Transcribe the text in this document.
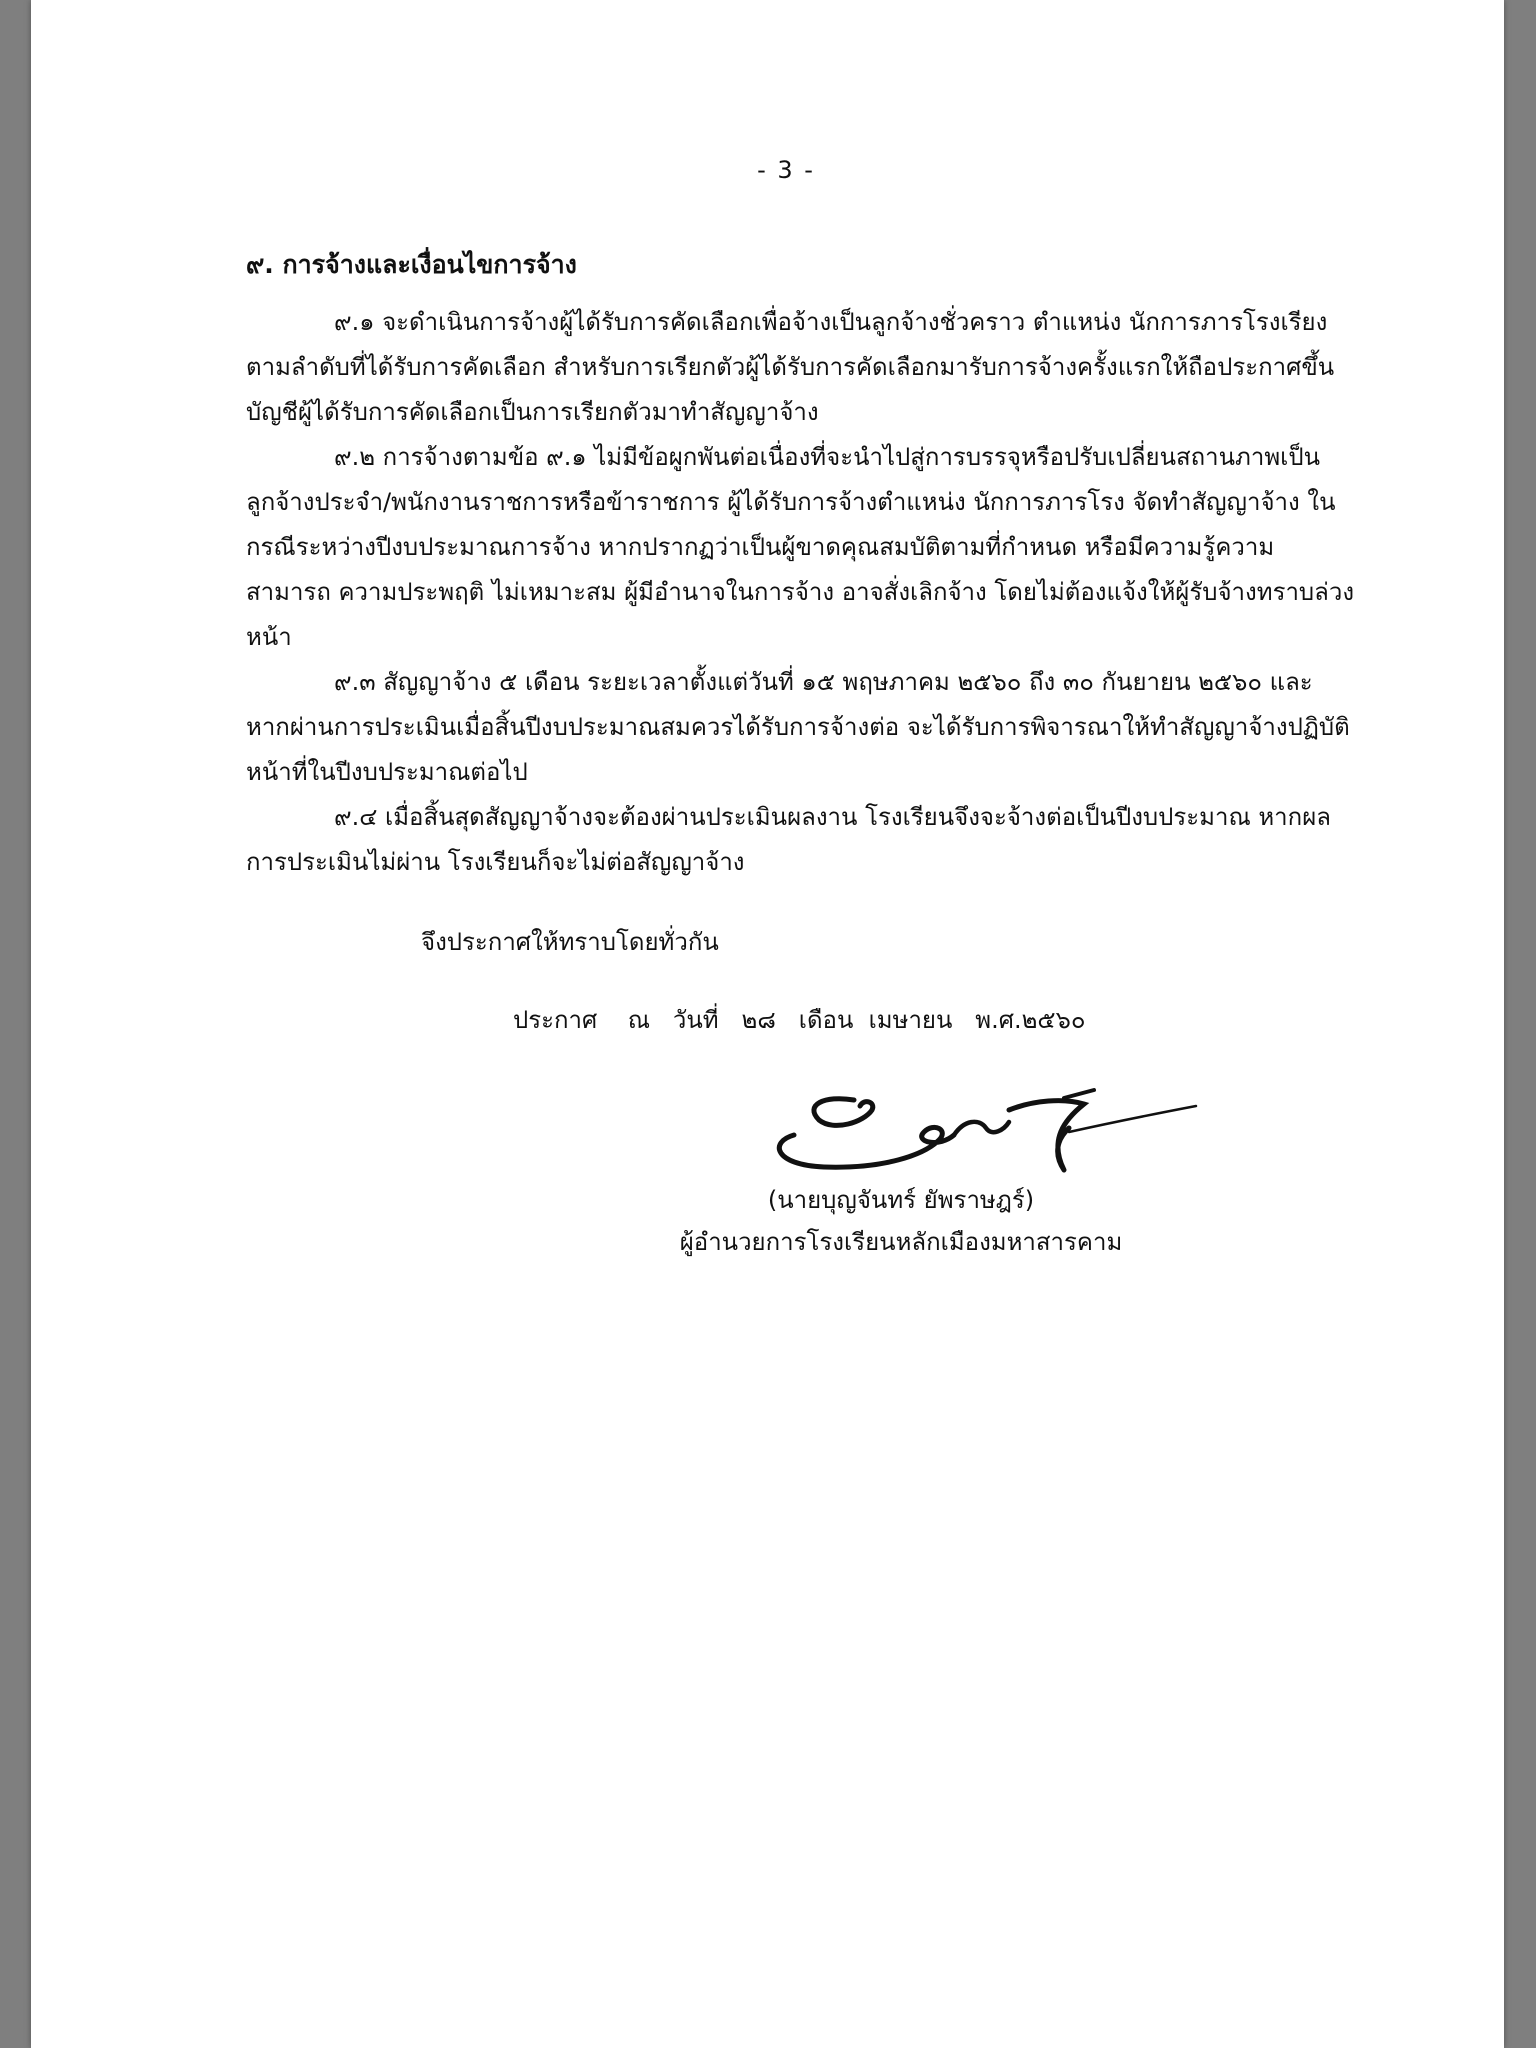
- 3 -
๙. การจ้างและเงื่อนไขการจ้าง

๙.๑ จะดำเนินการจ้างผู้ได้รับการคัดเลือกเพื่อจ้างเป็นลูกจ้างชั่วคราว ตำแหน่ง นักการภารโรงเรียงตามลำดับที่ได้รับการคัดเลือก สำหรับการเรียกตัวผู้ได้รับการคัดเลือกมารับการจ้างครั้งแรกให้ถือประกาศขึ้นบัญชีผู้ได้รับการคัดเลือกเป็นการเรียกตัวมาทำสัญญาจ้าง

๙.๒ การจ้างตามข้อ ๙.๑ ไม่มีข้อผูกพันต่อเนื่องที่จะนำไปสู่การบรรจุหรือปรับเปลี่ยนสถานภาพเป็นลูกจ้างประจำ/พนักงานราชการหรือข้าราชการ ผู้ได้รับการจ้างตำแหน่ง นักการภารโรง จัดทำสัญญาจ้าง ในกรณีระหว่างปีงบประมาณการจ้าง หากปรากฏว่าเป็นผู้ขาดคุณสมบัติตามที่กำหนด หรือมีความรู้ความสามารถ ความประพฤติ ไม่เหมาะสม ผู้มีอำนาจในการจ้าง อาจสั่งเลิกจ้าง โดยไม่ต้องแจ้งให้ผู้รับจ้างทราบล่วงหน้า

๙.๓ สัญญาจ้าง ๕ เดือน ระยะเวลาตั้งแต่วันที่ ๑๕ พฤษภาคม ๒๕๖๐ ถึง ๓๐ กันยายน ๒๕๖๐ และหากผ่านการประเมินเมื่อสิ้นปีงบประมาณสมควรได้รับการจ้างต่อ จะได้รับการพิจารณาให้ทำสัญญาจ้างปฏิบัติหน้าที่ในปีงบประมาณต่อไป

๙.๔ เมื่อสิ้นสุดสัญญาจ้างจะต้องผ่านประเมินผลงาน โรงเรียนจึงจะจ้างต่อเป็นปีงบประมาณ หากผลการประเมินไม่ผ่าน โรงเรียนก็จะไม่ต่อสัญญาจ้าง

จึงประกาศให้ทราบโดยทั่วกัน
ประกาศ    ณ   วันที่   ๒๘   เดือน  เมษายน   พ.ศ.๒๕๖๐
(นายบุญจันทร์ ยัพราษฎร์)
ผู้อำนวยการโรงเรียนหลักเมืองมหาสารคาม
